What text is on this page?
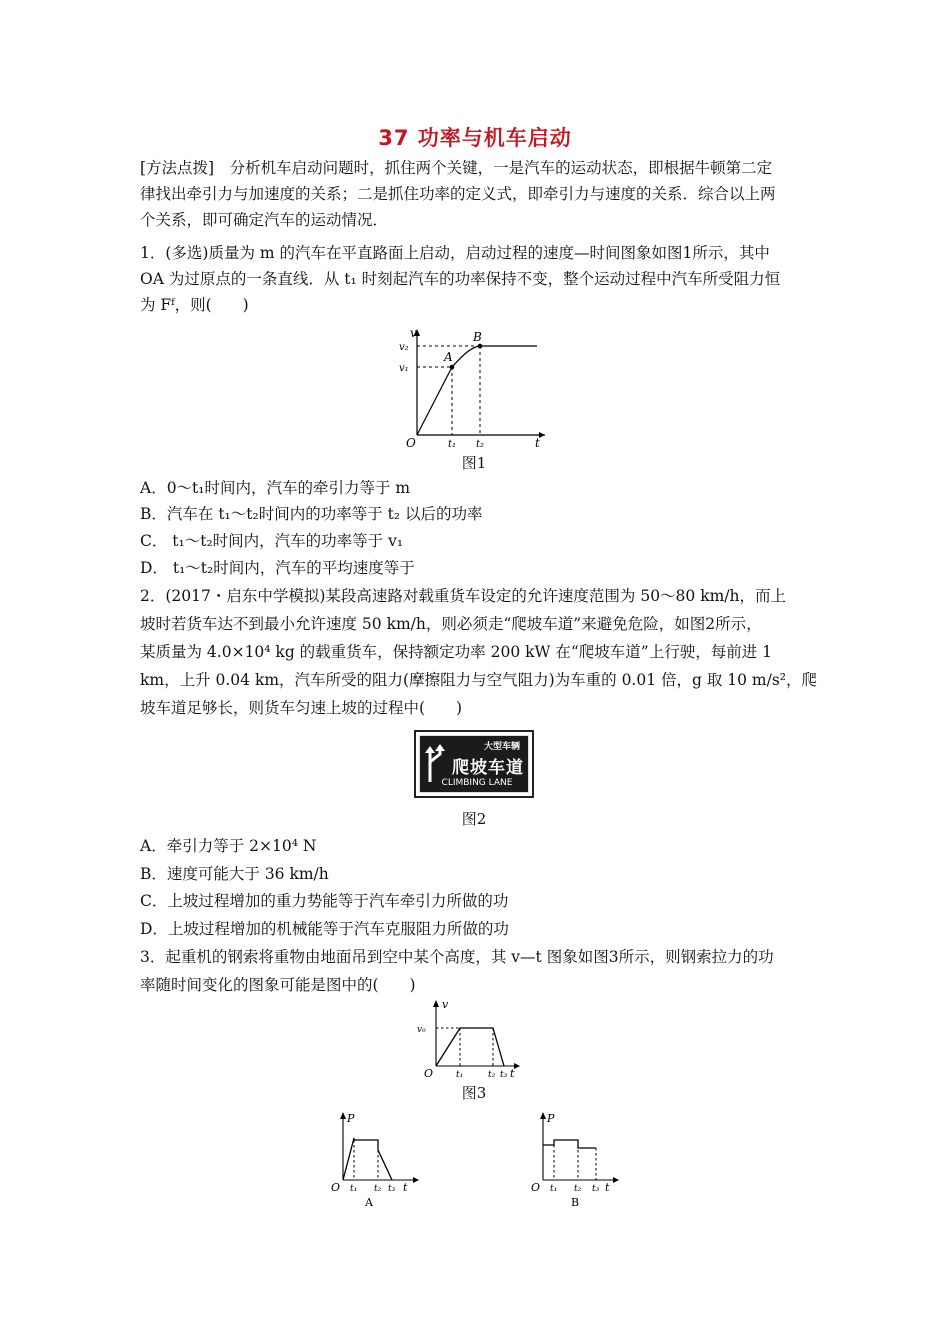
37 功率与机车启动
[方法点拨]　分析机车启动问题时，抓住两个关键，一是汽车的运动状态，即根据牛顿第二定
律找出牵引力与加速度的关系；二是抓住功率的定义式，即牵引力与速度的关系．综合以上两
个关系，即可确定汽车的运动情况．
1．(多选)质量为 m 的汽车在平直路面上启动，启动过程的速度—时间图象如图1所示，其中
OA 为过原点的一条直线．从 t₁ 时刻起汽车的功率保持不变，整个运动过程中汽车所受阻力恒
为 Fᶠ，则(　　)
v
v₂
v₁
A
B
O	t₁ t₂	t
图1
A．0～t₁时间内，汽车的牵引力等于 m
B．汽车在 t₁～t₂时间内的功率等于 t₂ 以后的功率
C． t₁～t₂时间内，汽车的功率等于 v₁
D． t₁～t₂时间内，汽车的平均速度等于
2．(2017・启东中学模拟)某段高速路对载重货车设定的允许速度范围为 50～80 km/h，而上
坡时若货车达不到最小允许速度 50 km/h，则必须走“爬坡车道”来避免危险，如图2所示，
某质量为 4.0×10⁴ kg 的载重货车，保持额定功率 200 kW 在“爬坡车道”上行驶，每前进 1
km，上升 0.04 km，汽车所受的阻力(摩擦阻力与空气阻力)为车重的 0.01 倍，g 取 10 m/s²，爬
坡车道足够长，则货车匀速上坡的过程中(　　)
大型车辆
爬坡车道
CLIMBING LANE
图2
A．牵引力等于 2×10⁴ N
B．速度可能大于 36 km/h
C．上坡过程增加的重力势能等于汽车牵引力所做的功
D．上坡过程增加的机械能等于汽车克服阻力所做的功
3．起重机的钢索将重物由地面吊到空中某个高度，其 v—t 图象如图3所示，则钢索拉力的功
率随时间变化的图象可能是图中的(　　)
v
v₀
O	t₁	t₂ t₃ t
图3
P
O t₁ t₂ t₃ t
A
P
O t₁ t₂ t₃ t
B
